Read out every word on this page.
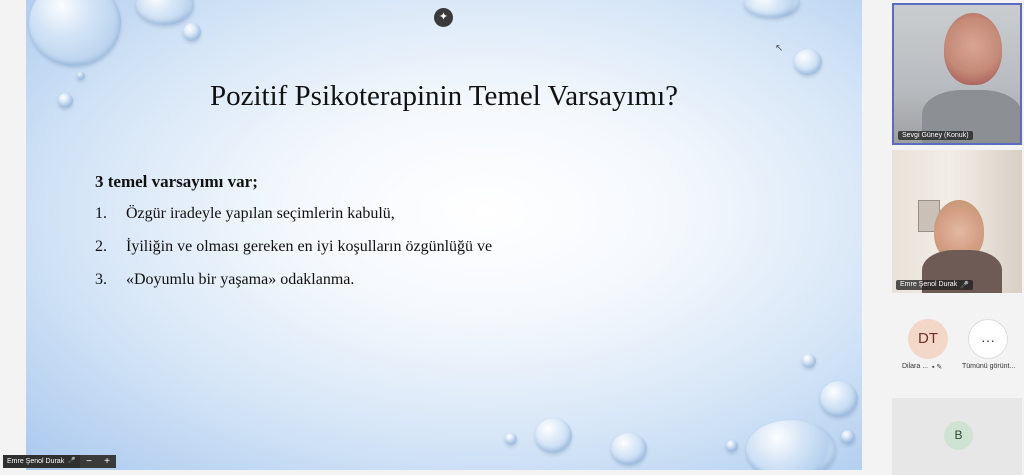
Pozitif Psikoterapinin Temel Varsayımı?
3 temel varsayımı var;
1.	Özgür iradeyle yapılan seçimlerin kabulü,
2.	İyiliğin ve olması gereken en iyi koşulların özgünlüğü ve
3.	«Doyumlu bir yaşama» odaklanma.
✦
↖
Emre Şenol Durak 🎤 − +
Sevgi Güney (Konuk)
Emre Şenol Durak 🎤
DT
Dilara ... ▪ ✎
···
Tümünü görünt...
B
